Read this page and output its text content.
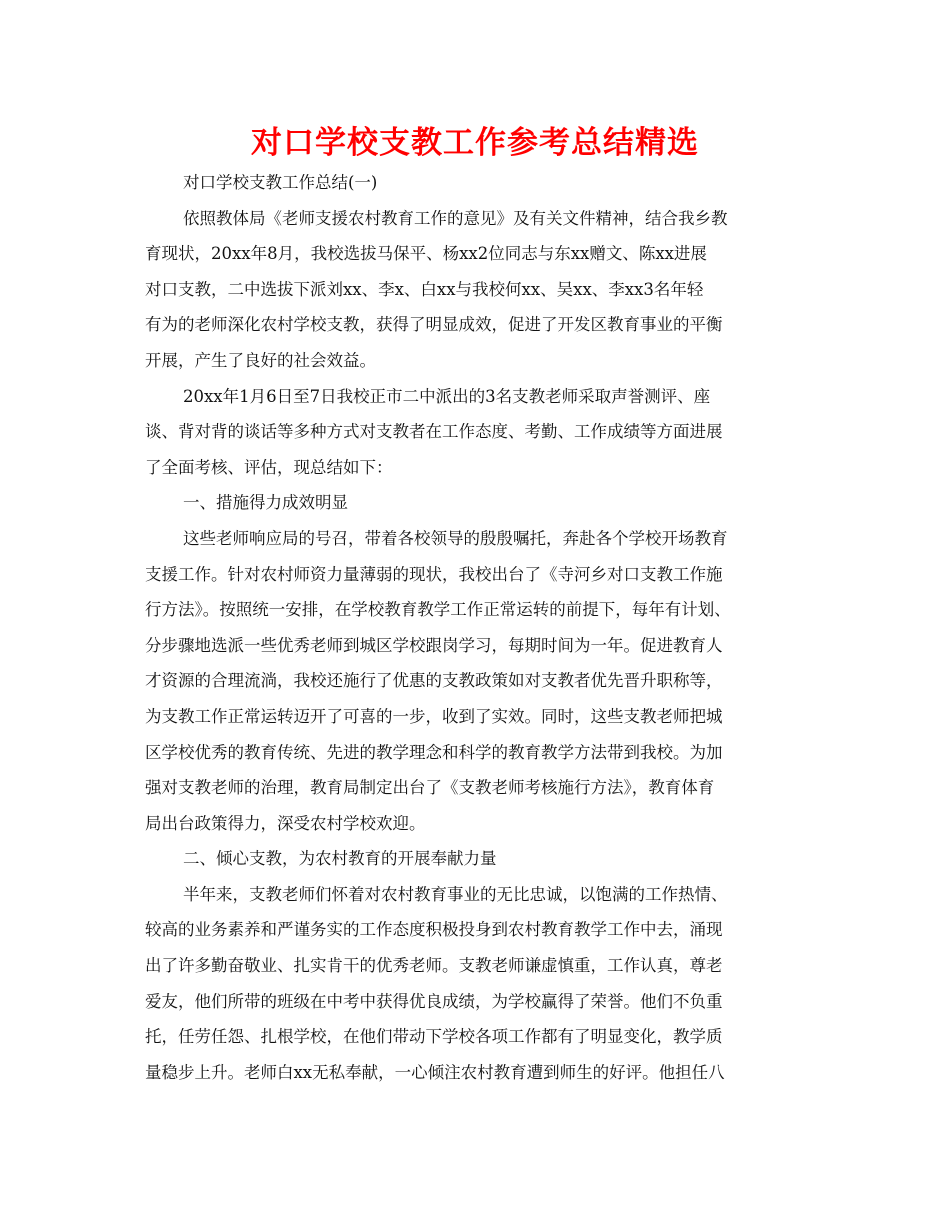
对口学校支教工作参考总结精选
对口学校支教工作总结(一)
依照教体局《老师支援农村教育工作的意见》及有关文件精神，结合我乡教
育现状，20xx年8月，我校选拔马保平、杨xx2位同志与东xx赠文、陈xx进展
对口支教，二中选拔下派刘xx、李x、白xx与我校何xx、吴xx、李xx3名年轻
有为的老师深化农村学校支教，获得了明显成效，促进了开发区教育事业的平衡
开展，产生了良好的社会效益。
20xx年1月6日至7日我校正市二中派出的3名支教老师采取声誉测评、座
谈、背对背的谈话等多种方式对支教者在工作态度、考勤、工作成绩等方面进展
了全面考核、评估，现总结如下：
一、措施得力成效明显
这些老师响应局的号召，带着各校领导的殷殷嘱托，奔赴各个学校开场教育
支援工作。针对农村师资力量薄弱的现状，我校出台了《寺河乡对口支教工作施
行方法》。按照统一安排，在学校教育教学工作正常运转的前提下，每年有计划、
分步骤地选派一些优秀老师到城区学校跟岗学习，每期时间为一年。促进教育人
才资源的合理流淌，我校还施行了优惠的支教政策如对支教者优先晋升职称等，
为支教工作正常运转迈开了可喜的一步，收到了实效。同时，这些支教老师把城
区学校优秀的教育传统、先进的教学理念和科学的教育教学方法带到我校。为加
强对支教老师的治理，教育局制定出台了《支教老师考核施行方法》，教育体育
局出台政策得力，深受农村学校欢迎。
二、倾心支教，为农村教育的开展奉献力量
半年来，支教老师们怀着对农村教育事业的无比忠诚，以饱满的工作热情、
较高的业务素养和严谨务实的工作态度积极投身到农村教育教学工作中去，涌现
出了许多勤奋敬业、扎实肯干的优秀老师。支教老师谦虚慎重，工作认真，尊老
爱友，他们所带的班级在中考中获得优良成绩，为学校赢得了荣誉。他们不负重
托，任劳任怨、扎根学校，在他们带动下学校各项工作都有了明显变化，教学质
量稳步上升。老师白xx无私奉献，一心倾注农村教育遭到师生的好评。他担任八
